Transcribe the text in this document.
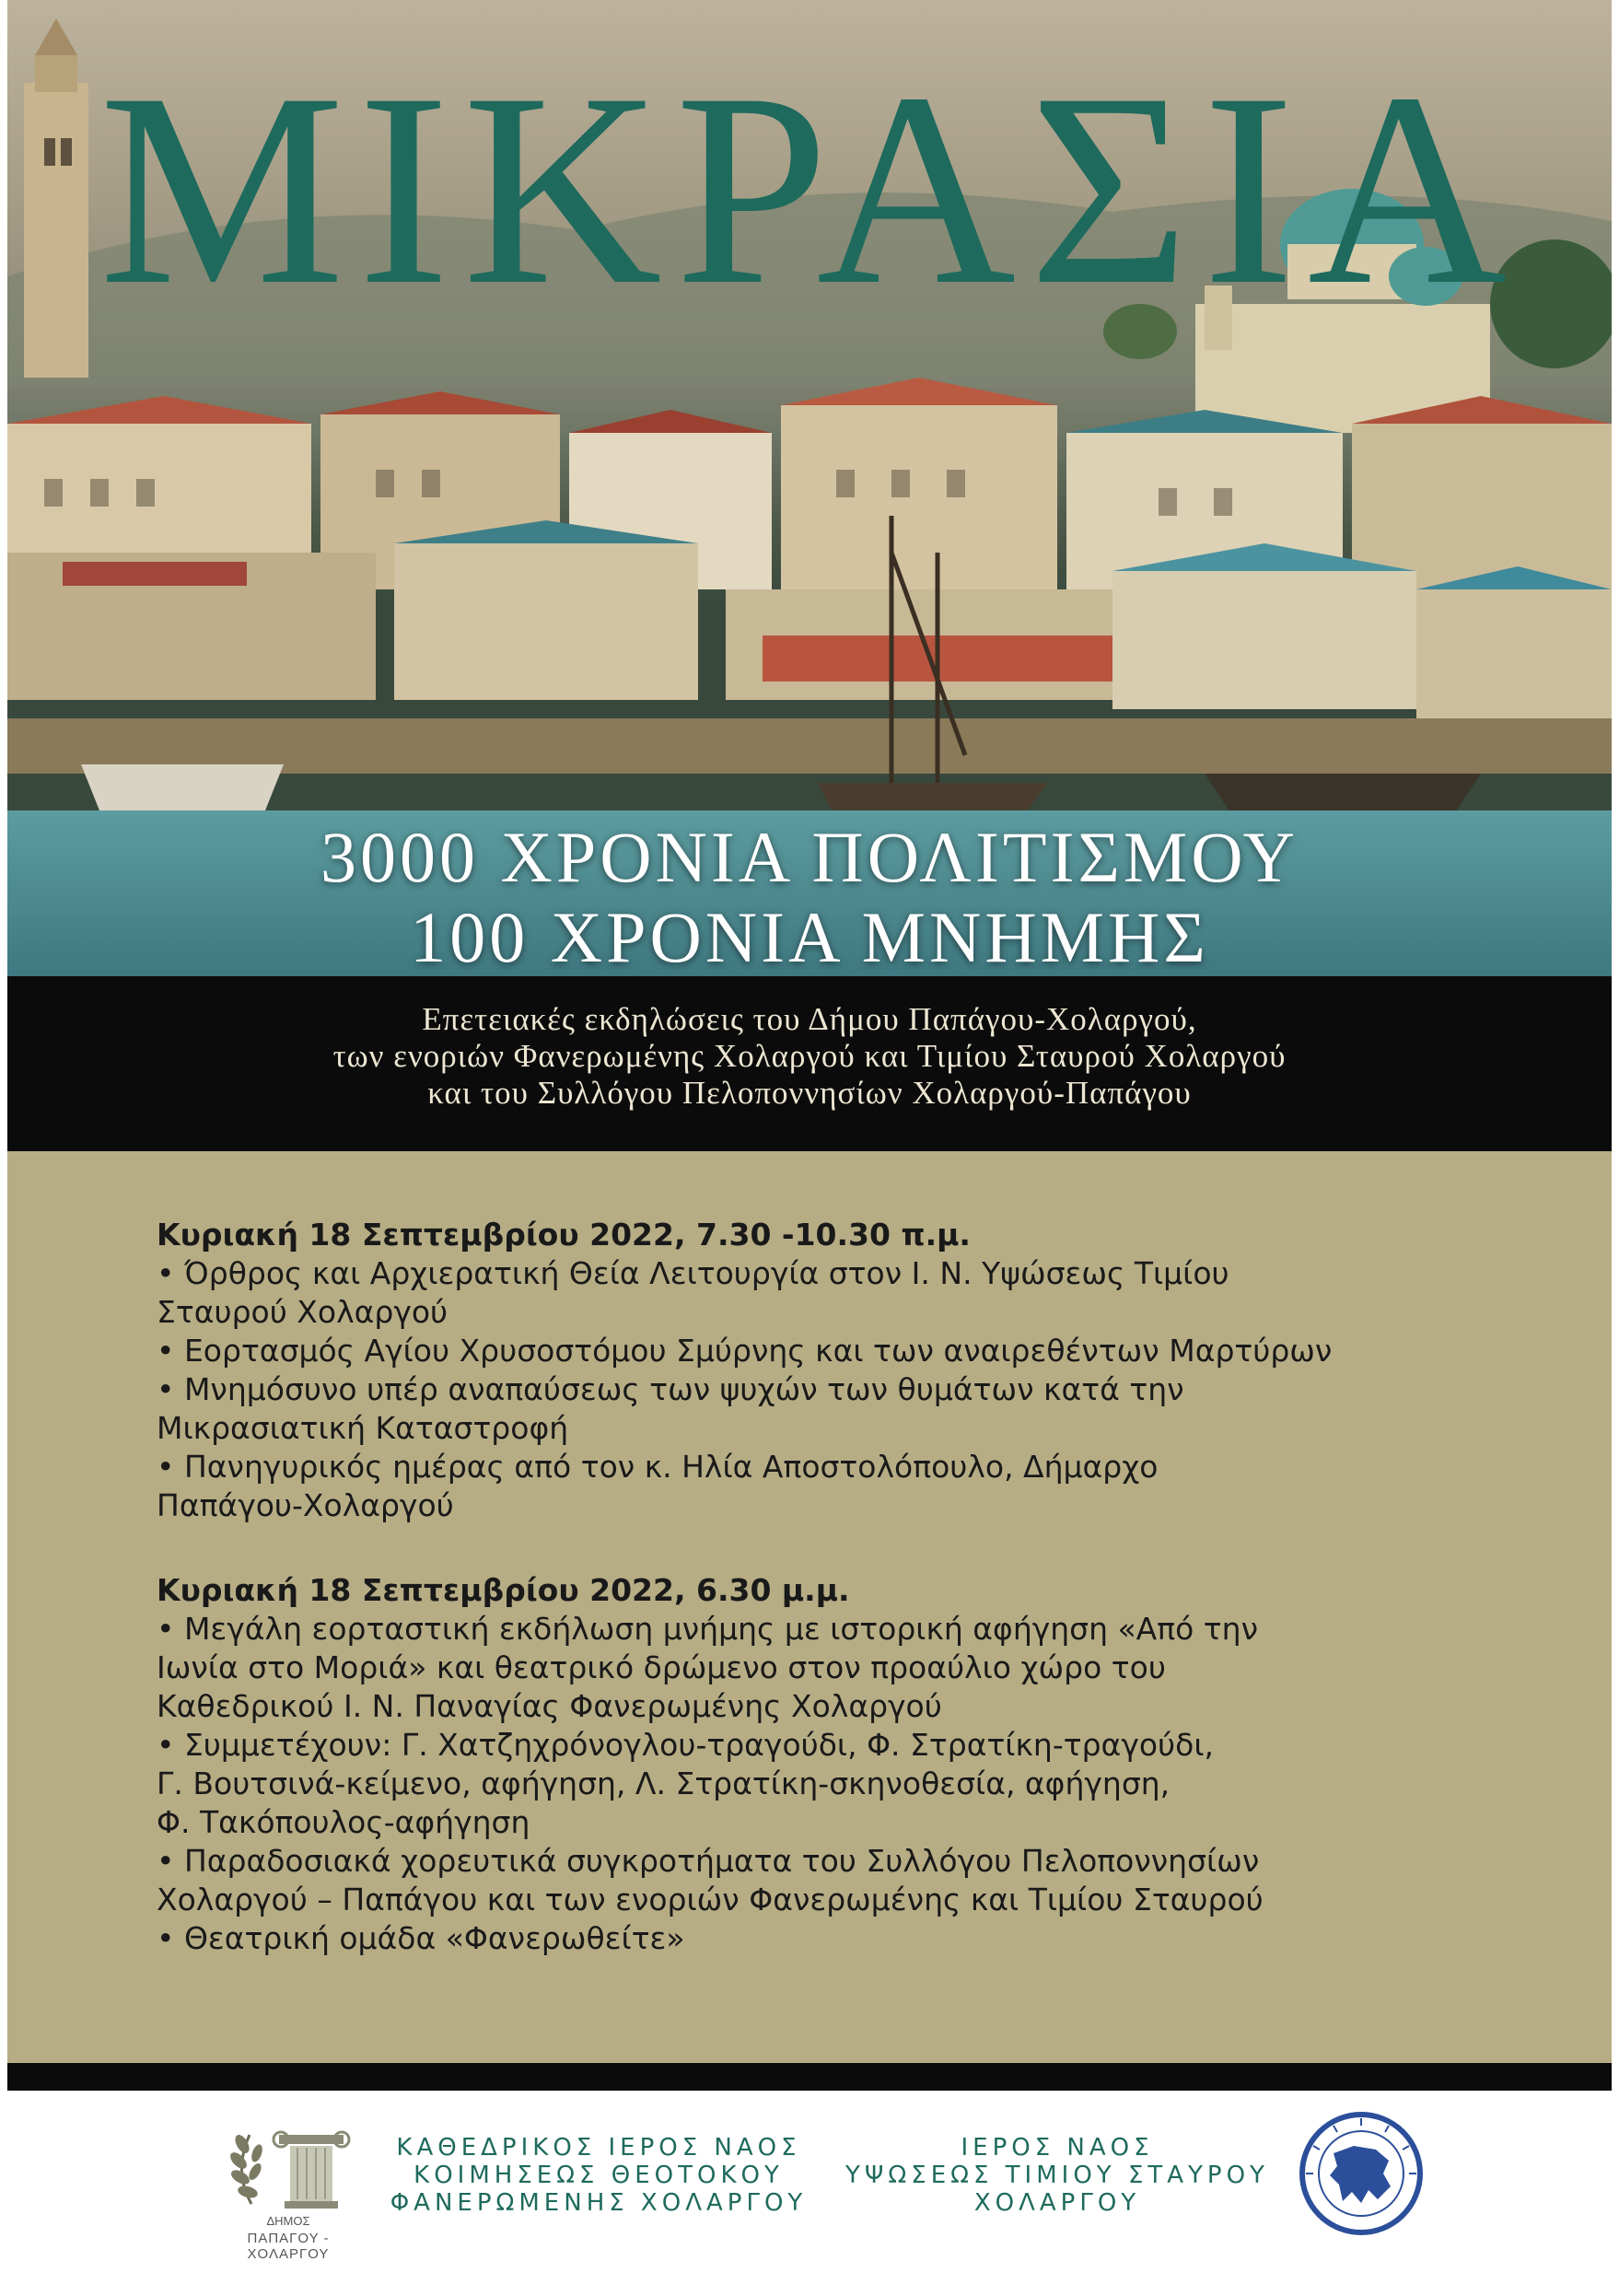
ΜΙΚΡΑΣΙΑ
3000 ΧΡΟΝΙΑ ΠΟΛΙΤΙΣΜΟΥ
100 ΧΡΟΝΙΑ ΜΝΗΜΗΣ
Επετειακές εκδηλώσεις του Δήμου Παπάγου-Χολαργού,
των ενοριών Φανερωμένης Χολαργού και Τιμίου Σταυρού Χολαργού
και του Συλλόγου Πελοποννησίων Χολαργού-Παπάγου
Κυριακή 18 Σεπτεμβρίου 2022, 7.30 -10.30 π.μ.
• Όρθρος και Αρχιερατική Θεία Λειτουργία στον Ι. Ν. Υψώσεως Τιμίου
Σταυρού Χολαργού
• Εορτασμός Αγίου Χρυσοστόμου Σμύρνης και των αναιρεθέντων Μαρτύρων
• Μνημόσυνο υπέρ αναπαύσεως των ψυχών των θυμάτων κατά την
Μικρασιατική Καταστροφή
• Πανηγυρικός ημέρας από τον κ. Ηλία Αποστολόπουλο, Δήμαρχο
Παπάγου-Χολαργού
Κυριακή 18 Σεπτεμβρίου 2022, 6.30 μ.μ.
• Μεγάλη εορταστική εκδήλωση μνήμης με ιστορική αφήγηση «Από την
Ιωνία στο Μοριά» και θεατρικό δρώμενο στον προαύλιο χώρο του
Καθεδρικού Ι. Ν. Παναγίας Φανερωμένης Χολαργού
• Συμμετέχουν: Γ. Χατζηχρόνογλου-τραγούδι, Φ. Στρατίκη-τραγούδι,
Γ. Βουτσινά-κείμενο, αφήγηση, Λ. Στρατίκη-σκηνοθεσία, αφήγηση,
Φ. Τακόπουλος-αφήγηση
• Παραδοσιακά χορευτικά συγκροτήματα του Συλλόγου Πελοποννησίων
Χολαργού – Παπάγου και των ενοριών Φανερωμένης και Τιμίου Σταυρού
• Θεατρική ομάδα «Φανερωθείτε»
ΔΗΜΟΣ
ΠΑΠΑΓΟΥ - ΧΟΛΑΡΓΟΥ
ΚΑΘΕΔΡΙΚΟΣ ΙΕΡΟΣ ΝΑΟΣ
ΚΟΙΜΗΣΕΩΣ ΘΕΟΤΟΚΟΥ
ΦΑΝΕΡΩΜΕΝΗΣ ΧΟΛΑΡΓΟΥ
ΙΕΡΟΣ ΝΑΟΣ
ΥΨΩΣΕΩΣ ΤΙΜΙΟΥ ΣΤΑΥΡΟΥ
ΧΟΛΑΡΓΟΥ
